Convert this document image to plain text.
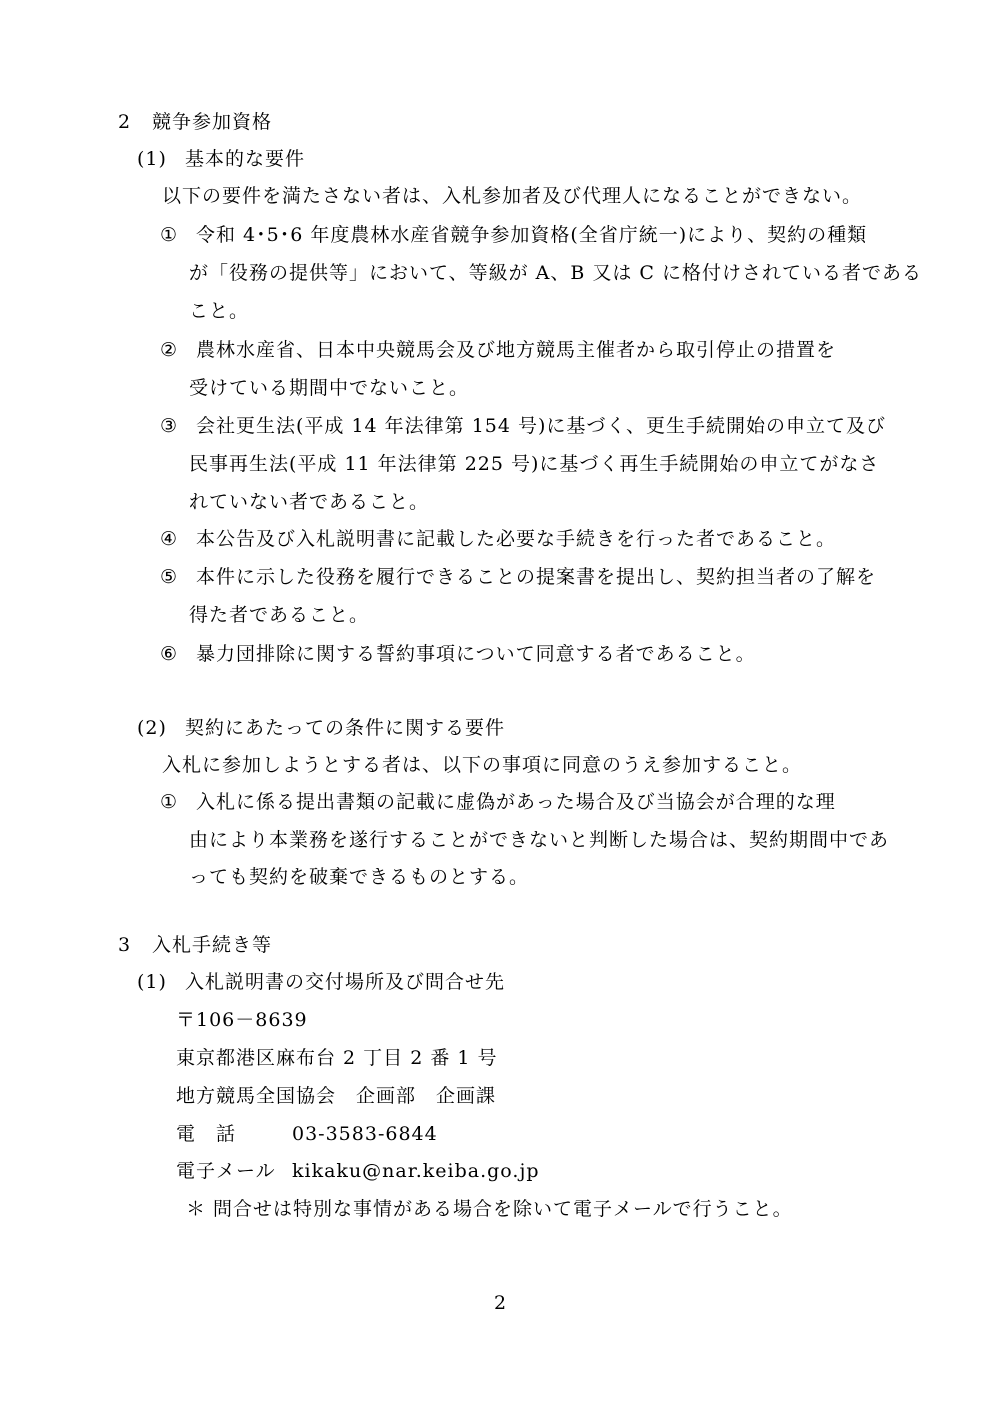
2 競争参加資格
(1) 基本的な要件
以下の要件を満たさない者は、入札参加者及び代理人になることができない。
① 令和 4･5･6 年度農林水産省競争参加資格(全省庁統一)により、契約の種類
が「役務の提供等」において、等級が A、B 又は C に格付けされている者である
こと。
② 農林水産省、日本中央競馬会及び地方競馬主催者から取引停止の措置を
受けている期間中でないこと。
③ 会社更生法(平成 14 年法律第 154 号)に基づく、更生手続開始の申立て及び
民事再生法(平成 11 年法律第 225 号)に基づく再生手続開始の申立てがなさ
れていない者であること。
④ 本公告及び入札説明書に記載した必要な手続きを行った者であること。
⑤ 本件に示した役務を履行できることの提案書を提出し、契約担当者の了解を
得た者であること。
⑥ 暴力団排除に関する誓約事項について同意する者であること。
(2) 契約にあたっての条件に関する要件
入札に参加しようとする者は、以下の事項に同意のうえ参加すること。
① 入札に係る提出書類の記載に虚偽があった場合及び当協会が合理的な理
由により本業務を遂行することができないと判断した場合は、契約期間中であ
っても契約を破棄できるものとする。
3 入札手続き等
(1) 入札説明書の交付場所及び問合せ先
〒106－8639
東京都港区麻布台 2 丁目 2 番 1 号
地方競馬全国協会　企画部　企画課
電　話	03-3583-6844
電子メール kikaku@nar.keiba.go.jp
＊ 問合せは特別な事情がある場合を除いて電子メールで行うこと。
2
